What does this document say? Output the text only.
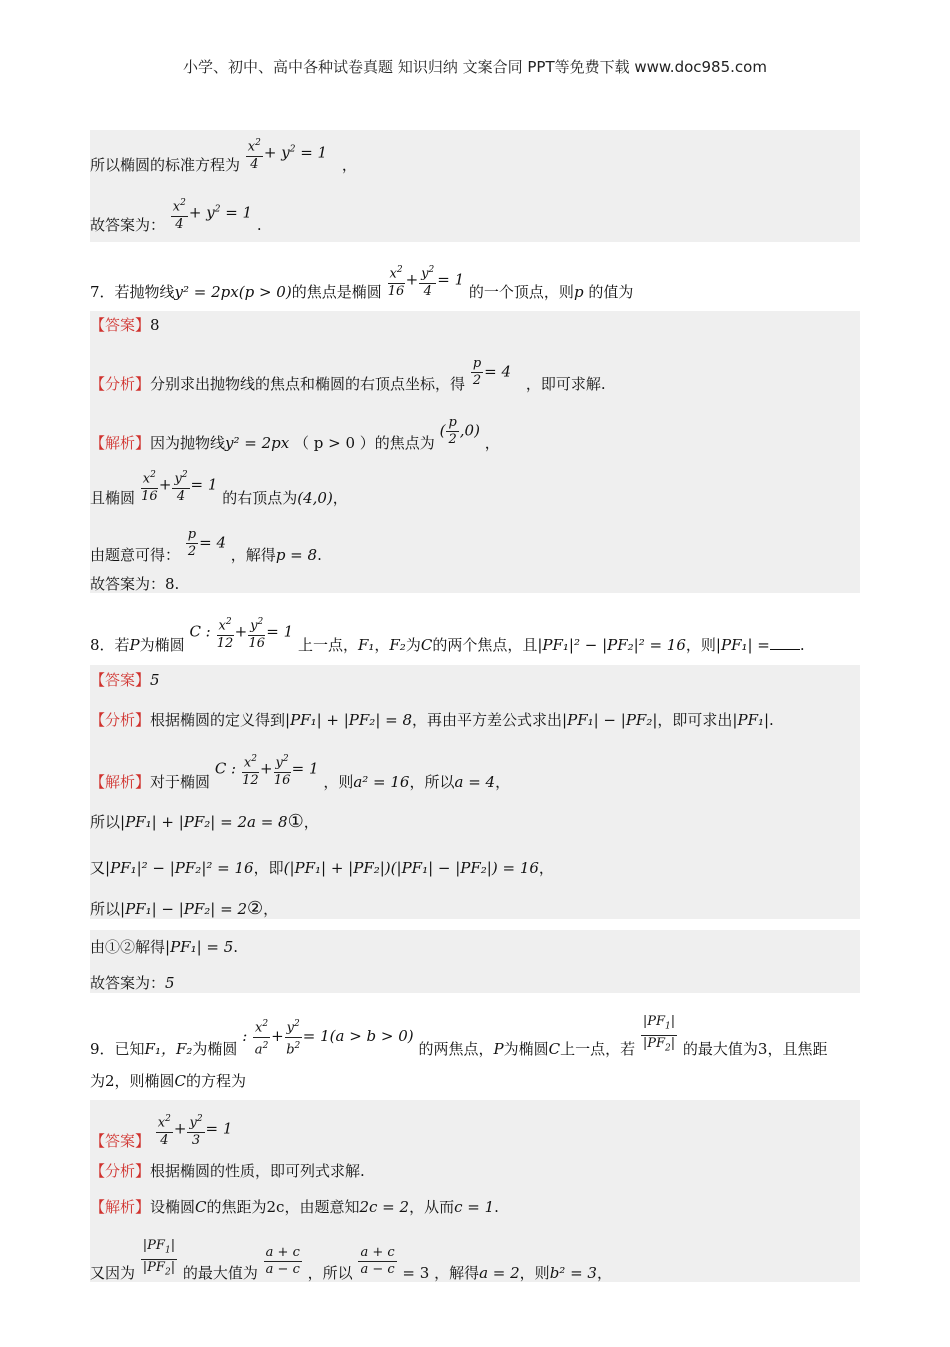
小学、初中、高中各种试卷真题 知识归纳 文案合同 PPT等免费下载 www.doc985.com
所以椭圆的标准方程为 $\frac{x^2}{4} + y^2 = 1$ ，
故答案为： $\frac{x^2}{4} + y^2 = 1$ .
7．若抛物线y² = 2px(p > 0)的焦点是椭圆 $\frac{x^2}{16} + \frac{y^2}{4} = 1$ 的一个顶点，则p 的值为
【答案】8
【分析】分别求出抛物线的焦点和椭圆的右顶点坐标，得 $\frac{p}{2} = 4$ ，即可求解.
【解析】因为抛物线y² = 2px （ p > 0 ）的焦点为 ( $\frac{p}{2} ,0$) ，
且椭圆 $\frac{x^2}{16} + \frac{y^2}{4} = 1$ 的右顶点为(4,0)，
由题意可得： $\frac{p}{2} = 4$ ，解得p = 8.
故答案为：8.
8．若P为椭圆 C : $\frac{x^2}{12} + \frac{y^2}{16} = 1$ 上一点，F₁，F₂为C的两个焦点，且|PF₁|² − |PF₂|² = 16，则|PF₁| = .
【答案】5
【分析】根据椭圆的定义得到|PF₁| + |PF₂| = 8，再由平方差公式求出|PF₁| − |PF₂|，即可求出|PF₁|.
【解析】对于椭圆 C : $\frac{x^2}{12} + \frac{y^2}{16} = 1$ ，则a² = 16，所以a = 4，
所以|PF₁| + |PF₂| = 2a = 8①，
又|PF₁|² − |PF₂|² = 16，即(|PF₁| + |PF₂|)(|PF₁| − |PF₂|) = 16，
所以|PF₁| − |PF₂| = 2②，
由①②解得|PF₁| = 5.
故答案为：5
9．已知F₁，F₂为椭圆 : $\frac{x^2}{a^2} + \frac{y^2}{b^2} = 1(a > b > 0)$ 的两焦点，P为椭圆C上一点，若 $\frac{|PF_1|}{|PF_2|}$ 的最大值为3，且焦距
为2，则椭圆C的方程为
【答案】 $\frac{x^2}{4} + \frac{y^2}{3} = 1$
【分析】根据椭圆的性质，即可列式求解.
【解析】设椭圆C的焦距为2c，由题意知2c = 2，从而c = 1.
又因为 $\frac{|PF_1|}{|PF_2|}$ 的最大值为 $\frac{a + c}{a - c}$ ，所以 $\frac{a + c}{a - c} = 3$ ，解得a = 2，则b² = 3，
